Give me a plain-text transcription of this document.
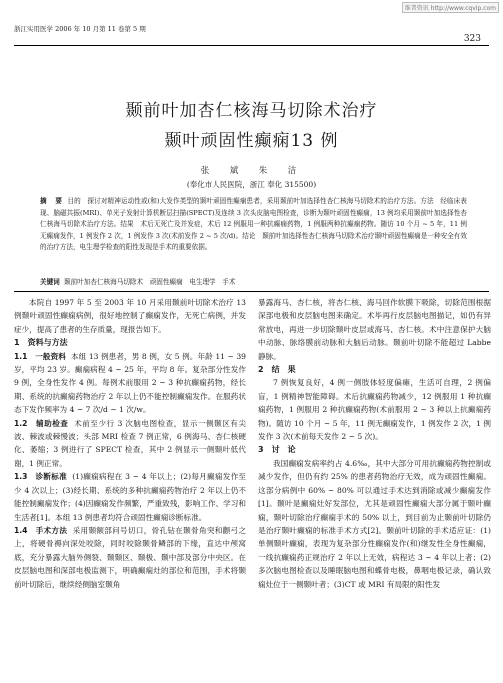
维普资讯 http://www.cqvip.com
浙江实用医学 2006 年 10 月第 11 卷第 5 期
323
颞前叶加杏仁核海马切除术治疗
颞叶顽固性癫痫13 例
张　斌　朱　洁
(奉化市人民医院，浙江 奉化 315500)
摘　要 目的　探讨对精神运动性或(和)大发作类型的颞叶顽固性癫痫患者，采用颞前叶加选择性杏仁核海马切除术的治疗方法。方法　经临床表现、脑磁共振(MRI)、单光子发射计算机断层扫描(SPECT)及连续 3 次头皮脑电图检查，诊断为颞叶顽固性癫痫，13 例均采用颞前叶加选择性杏仁核海马切除术治疗方法。结果　术后无死亡及并发症，术后 12 例服用一种抗癫痫药物，1 例服两种抗癫痫药物。随访 10 个月 ~ 5 年，11 例无癫痫发作，1 例发作 2 次，1 例发作 3 次(术前发作 2 ~ 5 次/d)。结论　颞前叶加选择性杏仁核海马切除术治疗颞叶顽固性癫痫是一种安全有效的治疗方法，电生理学检查的阳性发现是手术的重要依据。
关键词 颞前叶加杏仁核海马切除术　顽固性癫痫　电生理学　手术

本院自 1997 年 5 至 2003 年 10 月采用颞前叶切除术治疗 13 例颞叶顽固性癫痫病例，很好地控制了癫痫发作，无死亡病例，并发症少，提高了患者的生存质量，现报告如下。

1　资料与方法

1.1　一般资料 本组 13 例患者，男 8 例，女 5 例。年龄 11 ~ 39 岁，平均 23 岁。癫痫病程 4 ~ 25 年，平均 8 年。复杂部分性发作 9 例，全身性发作 4 例。每例术前服用 2 ~ 3 种抗癫痫药物，经长期、系统的抗癫痫药物治疗 2 年以上仍不能控制癫痫发作。在服药状态下发作频率为 4 ~ 7 次/d ~ 1 次/w。

1.2　辅助检查 术前至少行 3 次脑电图检查，显示一侧颞区有尖波、棘波或棘慢波；头部 MRI 检查 7 例正常，6 例海马、杏仁核硬化、萎缩；3 例进行了 SPECT 检查，其中 2 例显示一侧颞叶低代谢，1 例正常。

1.3　诊断标准 (1)癫痫病程在 3 ~ 4 年以上；(2)每月癫痫发作至少 4 次以上；(3)经长期、系统的多种抗癫痫药物治疗 2 年以上仍不能控制癫痫发作；(4)因癫痫发作频繁，严重致残，影响工作、学习和生活者[1]。本组 13 例患者均符合顽固性癫痫诊断标准。

1.4　手术方法 采用颞额部问号切口，骨孔钻在颞骨角突和颧弓之上，将硬骨褥向深处咬除，同时咬除颞骨鳞部的下缘，直达中颅窝底，充分暴露大脑外侧裂、颞颞区、颞极、颞中部及部分中央区。在皮层脑电图和深部电极监测下，明确癫痫灶的部位和范围，手术将颞前叶切除后，继续经侧脑室颞角

暴露海马、杏仁核，将杏仁核、海马回作软膜下吸除，切除范围根据深部电极和皮层脑电图来确定。术毕再行皮层脑电图描记，如仍有异常放电，再进一步切除颞叶皮层或海马、杏仁核。术中注意保护大脑中动脉、脉络膜前动脉和大脑后动脉。颞前叶切除不能超过 Labbe 静脉。

2　结　果

7 例恢复良好，4 例一侧肢体轻度偏瘫，生活可自理，2 例偏盲，1 例精神智能障碍。术后抗癫痫药物减少，12 例服用 1 种抗癫痫药物，1 例服用 2 种抗癫痫药物(术前服用 2 ~ 3 种以上抗癫痫药物)。随访 10 个月 ~ 5 年，11 例无癫痫发作，1 例发作 2 次，1 例发作 3 次(术前每天发作 2 ~ 5 次)。

3　讨　论

我国癫痫发病率约占 4.6‰，其中大部分可用抗癫痫药物控制或减少发作，但仍有约 25% 的患者药物治疗无效，成为顽固性癫痫。这部分病例中 60% ~ 80% 可以通过手术达到消除或减少癫痫发作[1]。颞叶是癫痫灶好发部位，尤其是顽固性癫痫大部分属于颞叶癫痫，颞叶切除治疗癫痫手术的 50% 以上，到目前为止颞前叶切除仍是治疗颞叶癫痫的标准手术方式[2]。颞前叶切除的手术适应证：(1)单侧颞叶癫痫，表现为复杂部分性癫痫发作(和)继发性全身性癫痫，一线抗癫痫药正规治疗 2 年以上无效，病程达 3 ~ 4 年以上者；(2)多次脑电图检查以及睡眠脑电图和蝶骨电极，鼻咽电极记录，确认致痫灶位于一侧颞叶者；(3)CT 或 MRI 有局限的阳性发
